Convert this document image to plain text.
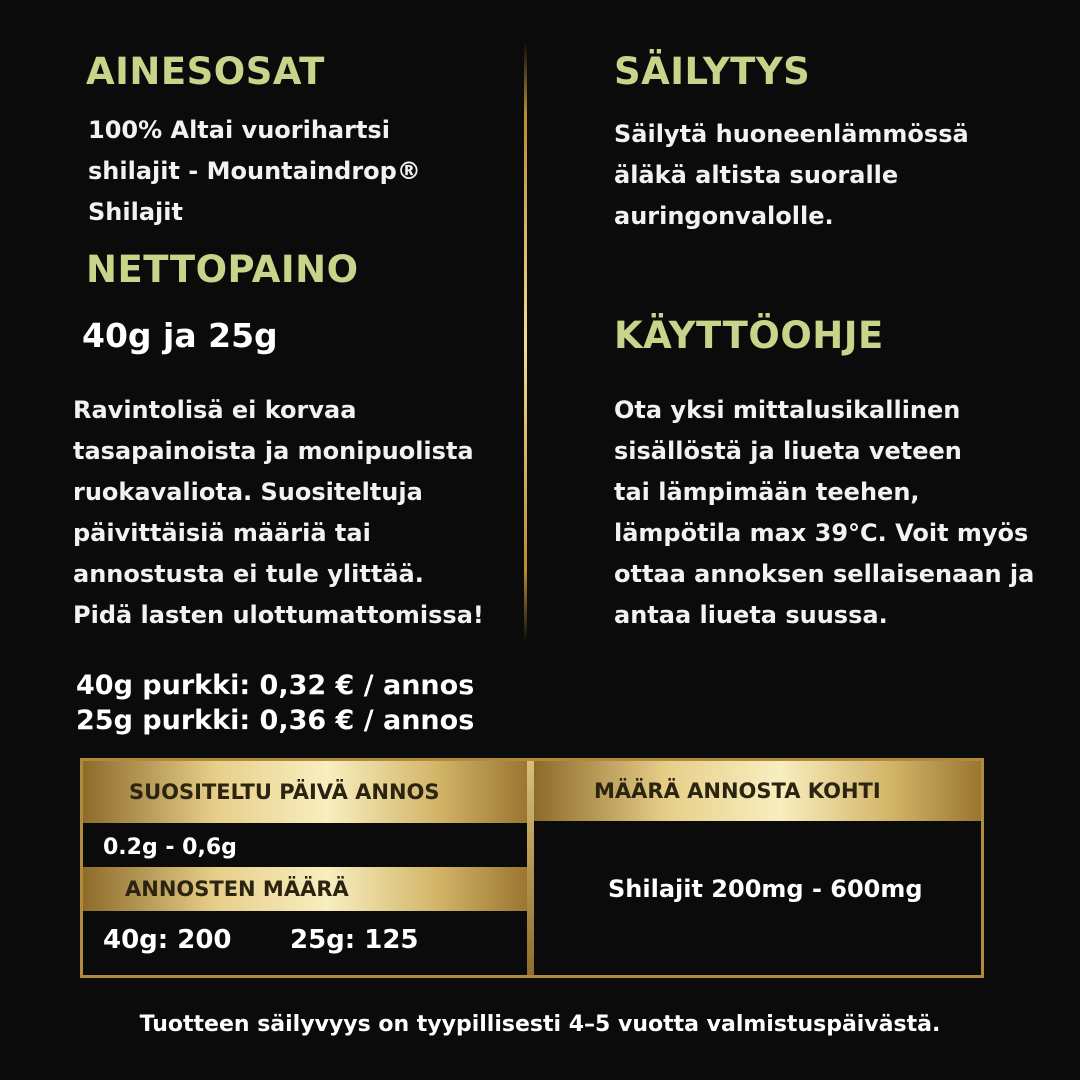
AINESOSAT
100% Altai vuorihartsi
shilajit - Mountaindrop®
Shilajit
NETTOPAINO
40g ja 25g
Ravintolisä ei korvaa
tasapainoista ja monipuolista
ruokavaliota. Suositeltuja
päivittäisiä määriä tai
annostusta ei tule ylittää.
Pidä lasten ulottumattomissa!
SÄILYTYS
Säilytä huoneenlämmössä
äläkä altista suoralle
auringonvalolle.
KÄYTTÖOHJE
Ota yksi mittalusikallinen
sisällöstä ja liueta veteen
tai lämpimään teehen,
lämpötila max 39°C. Voit myös
ottaa annoksen sellaisenaan ja
antaa liueta suussa.
40g purkki: 0,32 € / annos
25g purkki: 0,36 € / annos
SUOSITELTU PÄIVÄ ANNOS	MÄÄRÄ ANNOSTA KOHTI
0.2g - 0,6g
ANNOSTEN MÄÄRÄ
40g: 200 25g: 125
Shilajit 200mg - 600mg
Tuotteen säilyvyys on tyypillisesti 4–5 vuotta valmistuspäivästä.
